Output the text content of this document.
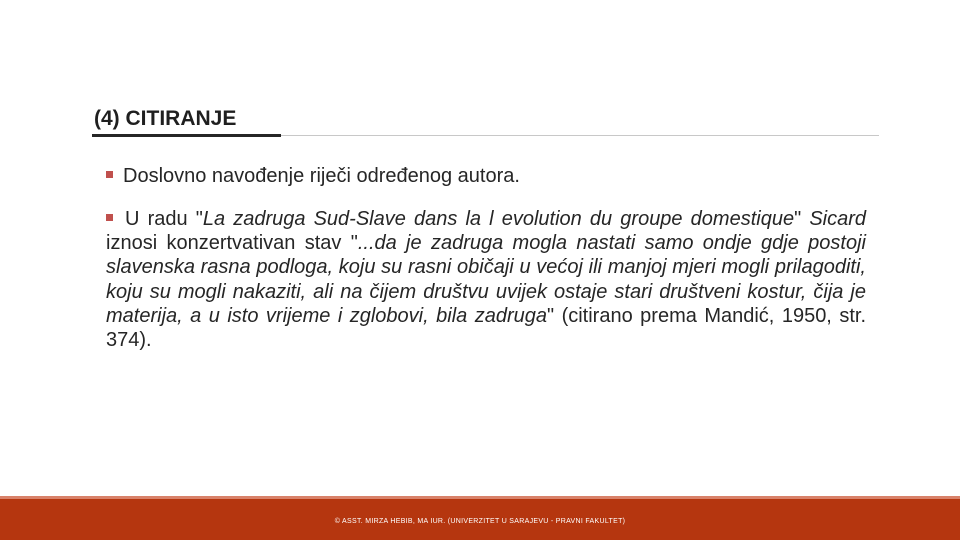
(4) CITIRANJE

Doslovno navođenje riječi određenog autora.

U radu "La zadruga Sud-Slave dans la l evolution du groupe domestique" Sicard iznosi konzertvativan stav "...da je zadruga mogla nastati samo ondje gdje postoji slavenska rasna podloga, koju su rasni običaji u većoj ili manjoj mjeri mogli prilagoditi, koju su mogli nakaziti, ali na čijem društvu uvijek ostaje stari društveni kostur, čija je materija, a u isto vrijeme i zglobovi, bila zadruga" (citirano prema Mandić, 1950, str. 374).

© ASST. MIRZA HEBIB, MA IUR. (UNIVERZITET U SARAJEVU - PRAVNI FAKULTET)
